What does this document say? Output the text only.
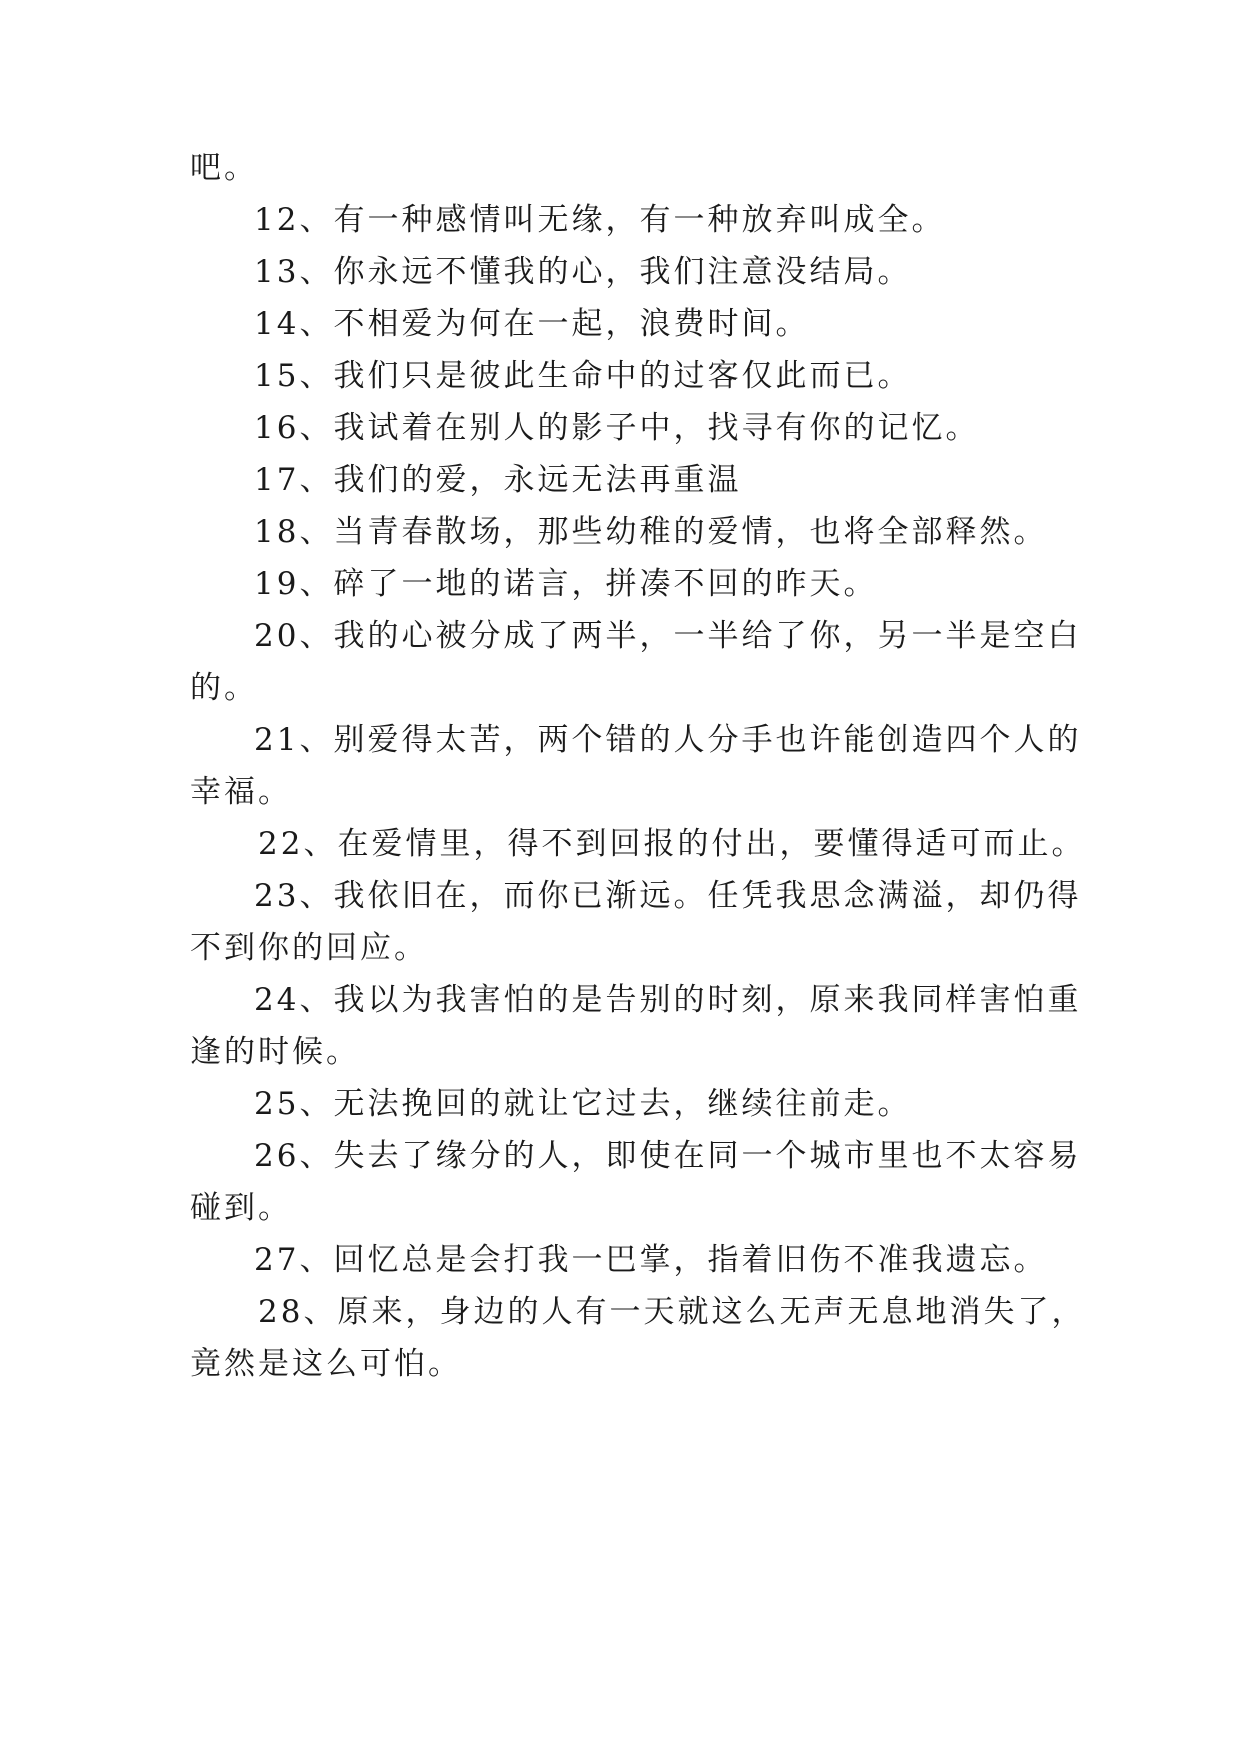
吧。
12、有一种感情叫无缘，有一种放弃叫成全。
13、你永远不懂我的心，我们注意没结局。
14、不相爱为何在一起，浪费时间。
15、我们只是彼此生命中的过客仅此而已。
16、我试着在别人的影子中，找寻有你的记忆。
17、我们的爱，永远无法再重温
18、当青春散场，那些幼稚的爱情，也将全部释然。
19、碎了一地的诺言，拼凑不回的昨天。
20、我的心被分成了两半，一半给了你，另一半是空白
的。
21、别爱得太苦，两个错的人分手也许能创造四个人的
幸福。
22、在爱情里，得不到回报的付出，要懂得适可而止。
23、我依旧在，而你已渐远。任凭我思念满溢，却仍得
不到你的回应。
24、我以为我害怕的是告别的时刻，原来我同样害怕重
逢的时候。
25、无法挽回的就让它过去，继续往前走。
26、失去了缘分的人，即使在同一个城市里也不太容易
碰到。
27、回忆总是会打我一巴掌，指着旧伤不准我遗忘。
28、原来，身边的人有一天就这么无声无息地消失了，
竟然是这么可怕。
